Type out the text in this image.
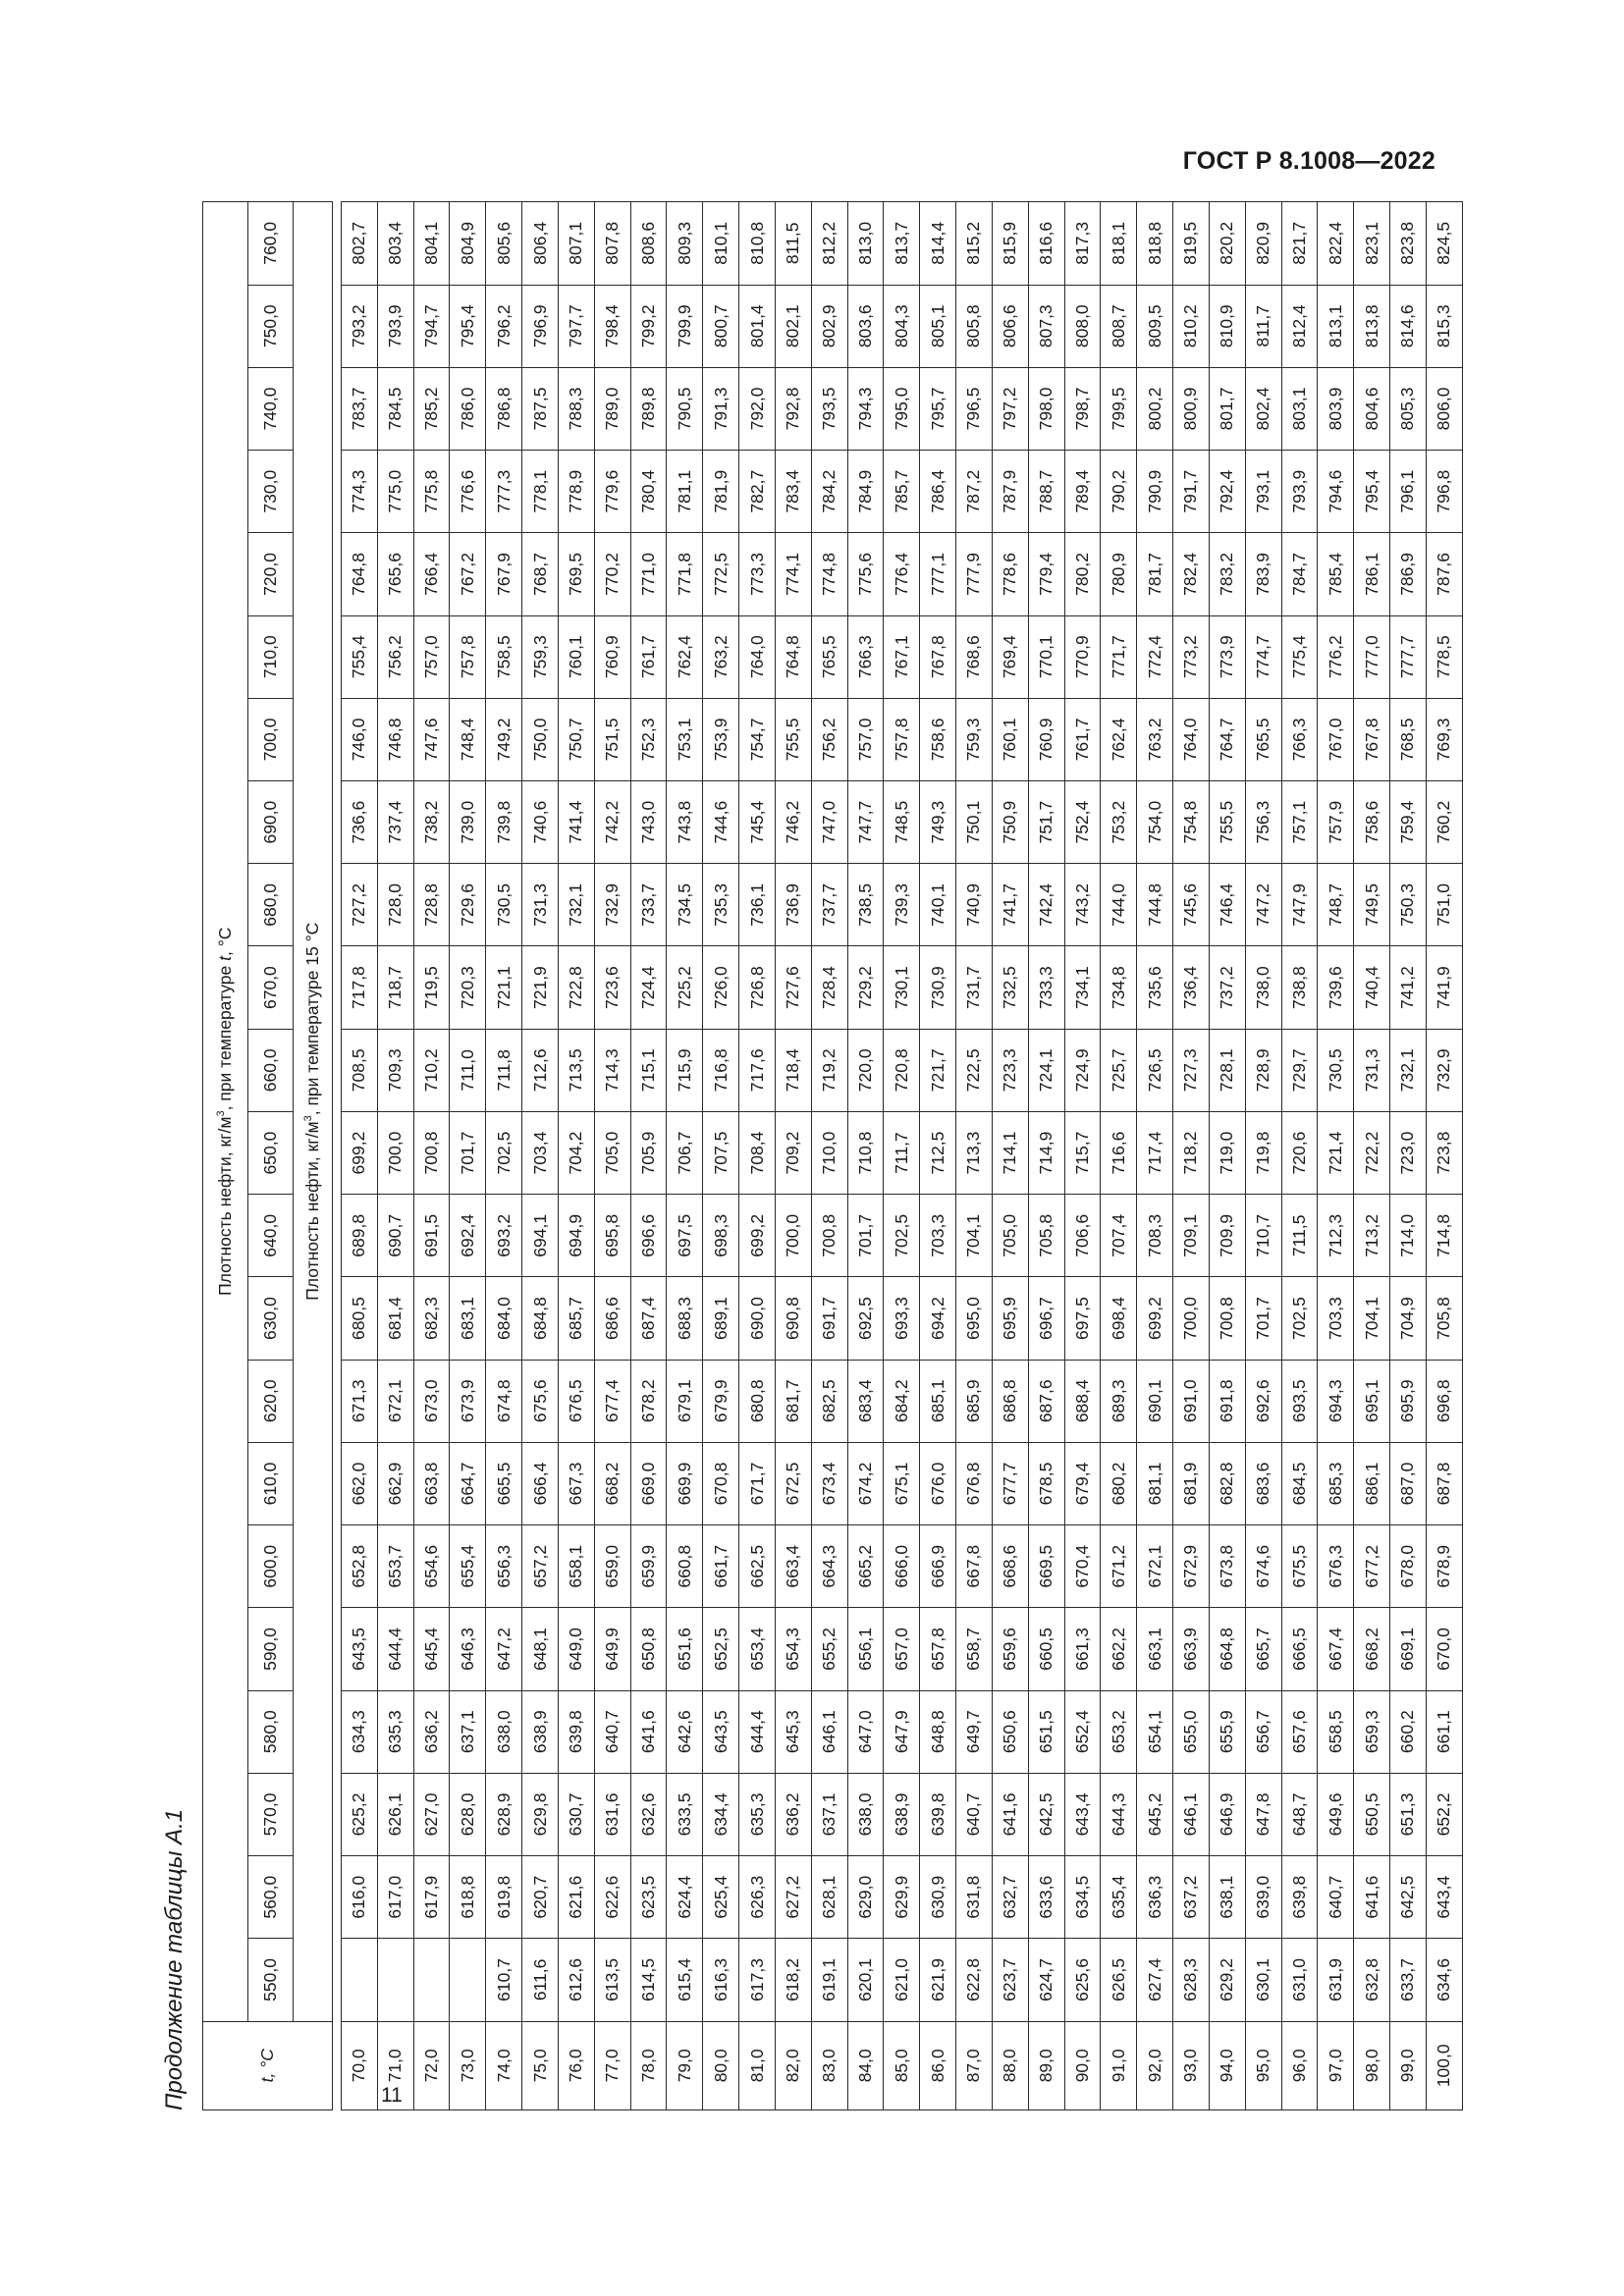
ГОСТ Р 8.1008—2022
Продолжение таблицы А.1	t, °C	Плотность нефти, $кг/м^3$, при температуре t, °C																					
	550,0	560,0	570,0	580,0	590,0	600,0	610,0	620,0	630,0	640,0	650,0	660,0	670,0	680,0	690,0	700,0	710,0	720,0	730,0	740,0	750,0	760,0
	Плотность нефти, $кг/м^3$, при температуре 15 °C																					

70,0		616,0	625,2	634,3	643,5	652,8	662,0	671,3	680,5	689,8	699,2	708,5	717,8	727,2	736,6	746,0	755,4	764,8	774,3	783,7	793,2	802,7
71,0		617,0	626,1	635,3	644,4	653,7	662,9	672,1	681,4	690,7	700,0	709,3	718,7	728,0	737,4	746,8	756,2	765,6	775,0	784,5	793,9	803,4
72,0		617,9	627,0	636,2	645,4	654,6	663,8	673,0	682,3	691,5	700,8	710,2	719,5	728,8	738,2	747,6	757,0	766,4	775,8	785,2	794,7	804,1
73,0		618,8	628,0	637,1	646,3	655,4	664,7	673,9	683,1	692,4	701,7	711,0	720,3	729,6	739,0	748,4	757,8	767,2	776,6	786,0	795,4	804,9
74,0	610,7	619,8	628,9	638,0	647,2	656,3	665,5	674,8	684,0	693,2	702,5	711,8	721,1	730,5	739,8	749,2	758,5	767,9	777,3	786,8	796,2	805,6
75,0	611,6	620,7	629,8	638,9	648,1	657,2	666,4	675,6	684,8	694,1	703,4	712,6	721,9	731,3	740,6	750,0	759,3	768,7	778,1	787,5	796,9	806,4
76,0	612,6	621,6	630,7	639,8	649,0	658,1	667,3	676,5	685,7	694,9	704,2	713,5	722,8	732,1	741,4	750,7	760,1	769,5	778,9	788,3	797,7	807,1
77,0	613,5	622,6	631,6	640,7	649,9	659,0	668,2	677,4	686,6	695,8	705,0	714,3	723,6	732,9	742,2	751,5	760,9	770,2	779,6	789,0	798,4	807,8
78,0	614,5	623,5	632,6	641,6	650,8	659,9	669,0	678,2	687,4	696,6	705,9	715,1	724,4	733,7	743,0	752,3	761,7	771,0	780,4	789,8	799,2	808,6
79,0	615,4	624,4	633,5	642,6	651,6	660,8	669,9	679,1	688,3	697,5	706,7	715,9	725,2	734,5	743,8	753,1	762,4	771,8	781,1	790,5	799,9	809,3
80,0	616,3	625,4	634,4	643,5	652,5	661,7	670,8	679,9	689,1	698,3	707,5	716,8	726,0	735,3	744,6	753,9	763,2	772,5	781,9	791,3	800,7	810,1
81,0	617,3	626,3	635,3	644,4	653,4	662,5	671,7	680,8	690,0	699,2	708,4	717,6	726,8	736,1	745,4	754,7	764,0	773,3	782,7	792,0	801,4	810,8
82,0	618,2	627,2	636,2	645,3	654,3	663,4	672,5	681,7	690,8	700,0	709,2	718,4	727,6	736,9	746,2	755,5	764,8	774,1	783,4	792,8	802,1	811,5
83,0	619,1	628,1	637,1	646,1	655,2	664,3	673,4	682,5	691,7	700,8	710,0	719,2	728,4	737,7	747,0	756,2	765,5	774,8	784,2	793,5	802,9	812,2
84,0	620,1	629,0	638,0	647,0	656,1	665,2	674,2	683,4	692,5	701,7	710,8	720,0	729,2	738,5	747,7	757,0	766,3	775,6	784,9	794,3	803,6	813,0
85,0	621,0	629,9	638,9	647,9	657,0	666,0	675,1	684,2	693,3	702,5	711,7	720,8	730,1	739,3	748,5	757,8	767,1	776,4	785,7	795,0	804,3	813,7
86,0	621,9	630,9	639,8	648,8	657,8	666,9	676,0	685,1	694,2	703,3	712,5	721,7	730,9	740,1	749,3	758,6	767,8	777,1	786,4	795,7	805,1	814,4
87,0	622,8	631,8	640,7	649,7	658,7	667,8	676,8	685,9	695,0	704,1	713,3	722,5	731,7	740,9	750,1	759,3	768,6	777,9	787,2	796,5	805,8	815,2
88,0	623,7	632,7	641,6	650,6	659,6	668,6	677,7	686,8	695,9	705,0	714,1	723,3	732,5	741,7	750,9	760,1	769,4	778,6	787,9	797,2	806,6	815,9
89,0	624,7	633,6	642,5	651,5	660,5	669,5	678,5	687,6	696,7	705,8	714,9	724,1	733,3	742,4	751,7	760,9	770,1	779,4	788,7	798,0	807,3	816,6
90,0	625,6	634,5	643,4	652,4	661,3	670,4	679,4	688,4	697,5	706,6	715,7	724,9	734,1	743,2	752,4	761,7	770,9	780,2	789,4	798,7	808,0	817,3
91,0	626,5	635,4	644,3	653,2	662,2	671,2	680,2	689,3	698,4	707,4	716,6	725,7	734,8	744,0	753,2	762,4	771,7	780,9	790,2	799,5	808,7	818,1
92,0	627,4	636,3	645,2	654,1	663,1	672,1	681,1	690,1	699,2	708,3	717,4	726,5	735,6	744,8	754,0	763,2	772,4	781,7	790,9	800,2	809,5	818,8
93,0	628,3	637,2	646,1	655,0	663,9	672,9	681,9	691,0	700,0	709,1	718,2	727,3	736,4	745,6	754,8	764,0	773,2	782,4	791,7	800,9	810,2	819,5
94,0	629,2	638,1	646,9	655,9	664,8	673,8	682,8	691,8	700,8	709,9	719,0	728,1	737,2	746,4	755,5	764,7	773,9	783,2	792,4	801,7	810,9	820,2
95,0	630,1	639,0	647,8	656,7	665,7	674,6	683,6	692,6	701,7	710,7	719,8	728,9	738,0	747,2	756,3	765,5	774,7	783,9	793,1	802,4	811,7	820,9
96,0	631,0	639,8	648,7	657,6	666,5	675,5	684,5	693,5	702,5	711,5	720,6	729,7	738,8	747,9	757,1	766,3	775,4	784,7	793,9	803,1	812,4	821,7
97,0	631,9	640,7	649,6	658,5	667,4	676,3	685,3	694,3	703,3	712,3	721,4	730,5	739,6	748,7	757,9	767,0	776,2	785,4	794,6	803,9	813,1	822,4
98,0	632,8	641,6	650,5	659,3	668,2	677,2	686,1	695,1	704,1	713,2	722,2	731,3	740,4	749,5	758,6	767,8	777,0	786,1	795,4	804,6	813,8	823,1
99,0	633,7	642,5	651,3	660,2	669,1	678,0	687,0	695,9	704,9	714,0	723,0	732,1	741,2	750,3	759,4	768,5	777,7	786,9	796,1	805,3	814,6	823,8
100,0	634,6	643,4	652,2	661,1	670,0	678,9	687,8	696,8	705,8	714,8	723,8	732,9	741,9	751,0	760,2	769,3	778,5	787,6	796,8	806,0	815,3	824,5
11
